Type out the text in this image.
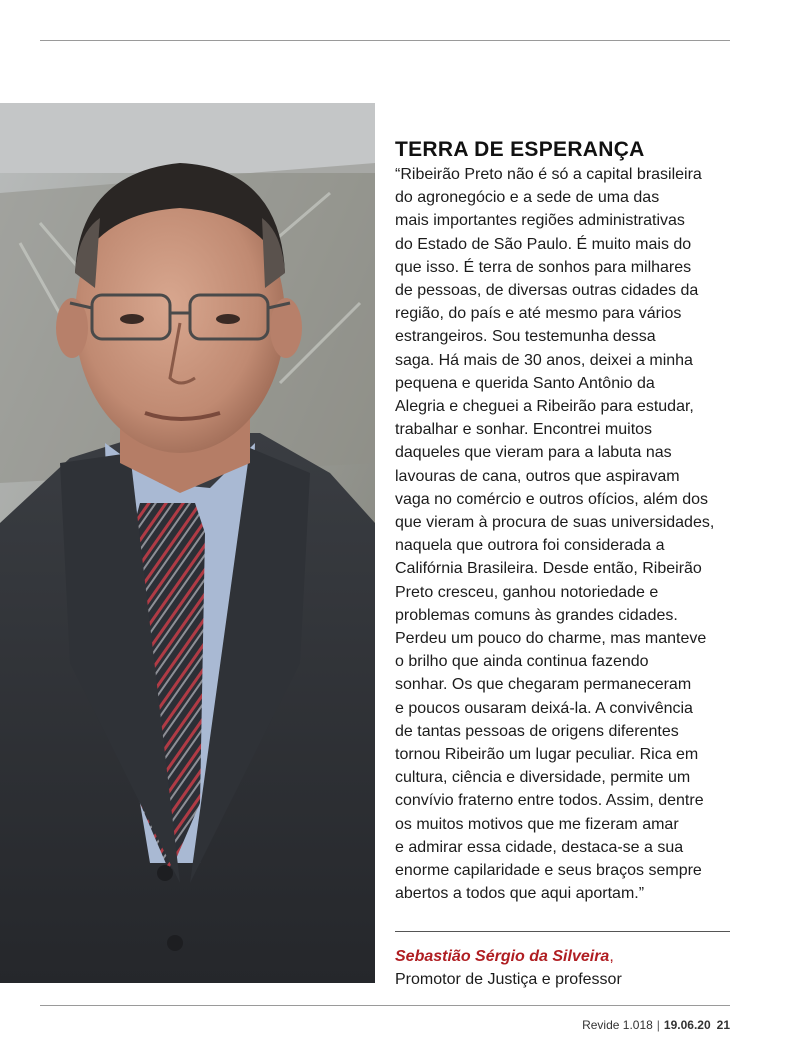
TERRA DE ESPERANÇA
“Ribeirão Preto não é só a capital brasileira
do agronegócio e a sede de uma das
mais importantes regiões administrativas
do Estado de São Paulo. É muito mais do
que isso. É terra de sonhos para milhares
de pessoas, de diversas outras cidades da
região, do país e até mesmo para vários
estrangeiros. Sou testemunha dessa
saga. Há mais de 30 anos, deixei a minha
pequena e querida Santo Antônio da
Alegria e cheguei a Ribeirão para estudar,
trabalhar e sonhar. Encontrei muitos
daqueles que vieram para a labuta nas
lavouras de cana, outros que aspiravam
vaga no comércio e outros ofícios, além dos
que vieram à procura de suas universidades,
naquela que outrora foi considerada a
Califórnia Brasileira. Desde então, Ribeirão
Preto cresceu, ganhou notoriedade e
problemas comuns às grandes cidades.
Perdeu um pouco do charme, mas manteve
o brilho que ainda continua fazendo
sonhar. Os que chegaram permaneceram
e poucos ousaram deixá-la. A convivência
de tantas pessoas de origens diferentes
tornou Ribeirão um lugar peculiar. Rica em
cultura, ciência e diversidade, permite um
convívio fraterno entre todos. Assim, dentre
os muitos motivos que me fizeram amar
e admirar essa cidade, destaca-se a sua
enorme capilaridade e seus braços sempre
abertos a todos que aqui aportam.”
Sebastião Sérgio da Silveira,
Promotor de Justiça e professor
Revide 1.018 | 19.06.20 21
